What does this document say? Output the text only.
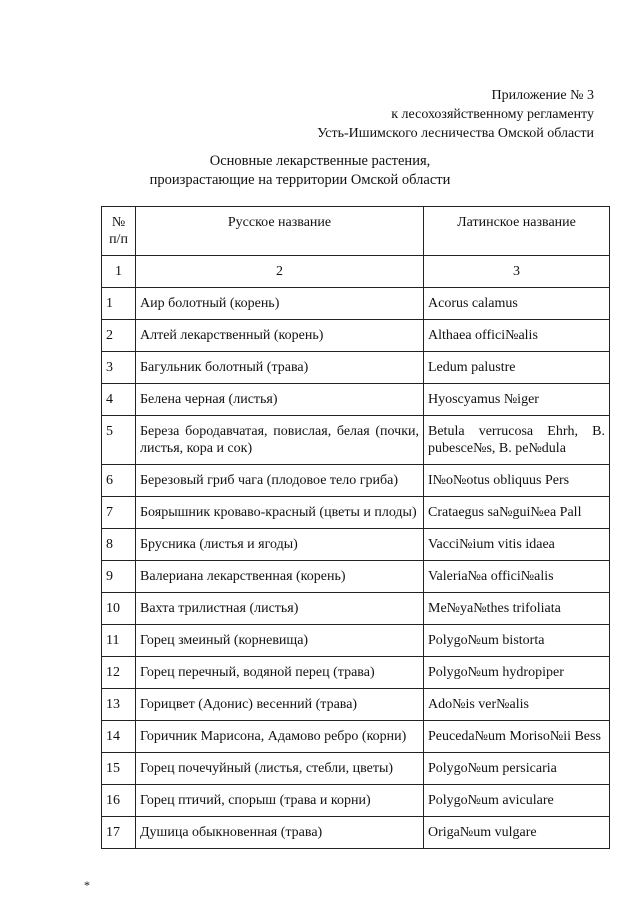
Приложение № 3
к лесохозяйственному регламенту
Усть-Ишимского лесничества Омской области
Основные лекарственные растения,
произрастающие на территории Омской области
№ п/п	Русское название	Латинское название
1	2	3
1	Аир болотный (корень)	Acorus calamus
2	Алтей лекарственный (корень)	Althaea offici№alis
3	Багульник болотный (трава)	Ledum palustre
4	Белена черная (листья)	Hyoscyamus №iger
5	Береза бородавчатая, повислая, белая (почки, листья, кора и сок)	Betula verrucosa Ehrh, B. pubesce№s, B. pe№dula
6	Березовый гриб чага (плодовое тело гриба)	I№o№otus obliquus Pers
7	Боярышник кроваво-красный (цветы и плоды)	Crataegus sa№gui№ea Pall
8	Брусника (листья и ягоды)	Vacci№ium vitis idaea
9	Валериана лекарственная (корень)	Valeria№a offici№alis
10	Вахта трилистная (листья)	Me№ya№thes trifoliata
11	Горец змеиный (корневища)	Polygo№um bistorta
12	Горец перечный, водяной перец (трава)	Polygo№um hydropiper
13	Горицвет (Адонис) весенний (трава)	Ado№is ver№alis
14	Горичник Марисона, Адамово ребро (корни)	Peuceda№um Moriso№ii Bess
15	Горец почечуйный (листья, стебли, цветы)	Polygo№um persicaria
16	Горец птичий, спорыш (трава и корни)	Polygo№um aviculare
17	Душица обыкновенная (трава)	Origa№um vulgare
*
